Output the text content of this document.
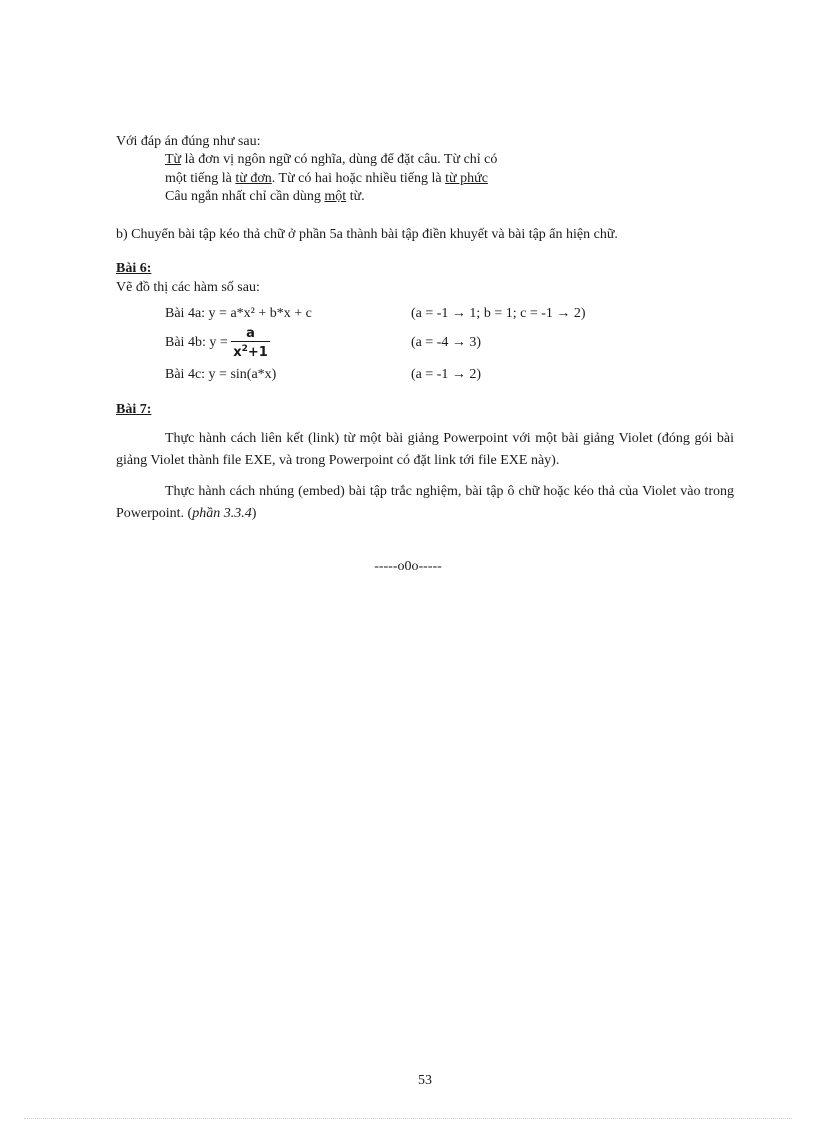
Với đáp án đúng như sau:
Từ là đơn vị ngôn ngữ có nghĩa, dùng để đặt câu. Từ chỉ có
một tiếng là từ đơn. Từ có hai hoặc nhiều tiếng là từ phức
Câu ngắn nhất chỉ cần dùng một từ.
b) Chuyển bài tập kéo thả chữ ở phần 5a thành bài tập điền khuyết và bài tập ẩn hiện chữ.
Bài 6:
Vẽ đồ thị các hàm số sau:
Bài 4a: y = a*x² + b*x + c	(a = -1 → 1; b = 1; c = -1 → 2)
Bài 4b: $y = \frac{a}{x^2+1}$	(a = -4 → 3)
Bài 4c: y = sin(a*x)	(a = -1 → 2)
Bài 7:
Thực hành cách liên kết (link) từ một bài giảng Powerpoint với một bài giảng Violet (đóng gói bài giảng Violet thành file EXE, và trong Powerpoint có đặt link tới file EXE này).
Thực hành cách nhúng (embed) bài tập trắc nghiệm, bài tập ô chữ hoặc kéo thả của Violet vào trong Powerpoint. (phần 3.3.4)
-----o0o-----
53
